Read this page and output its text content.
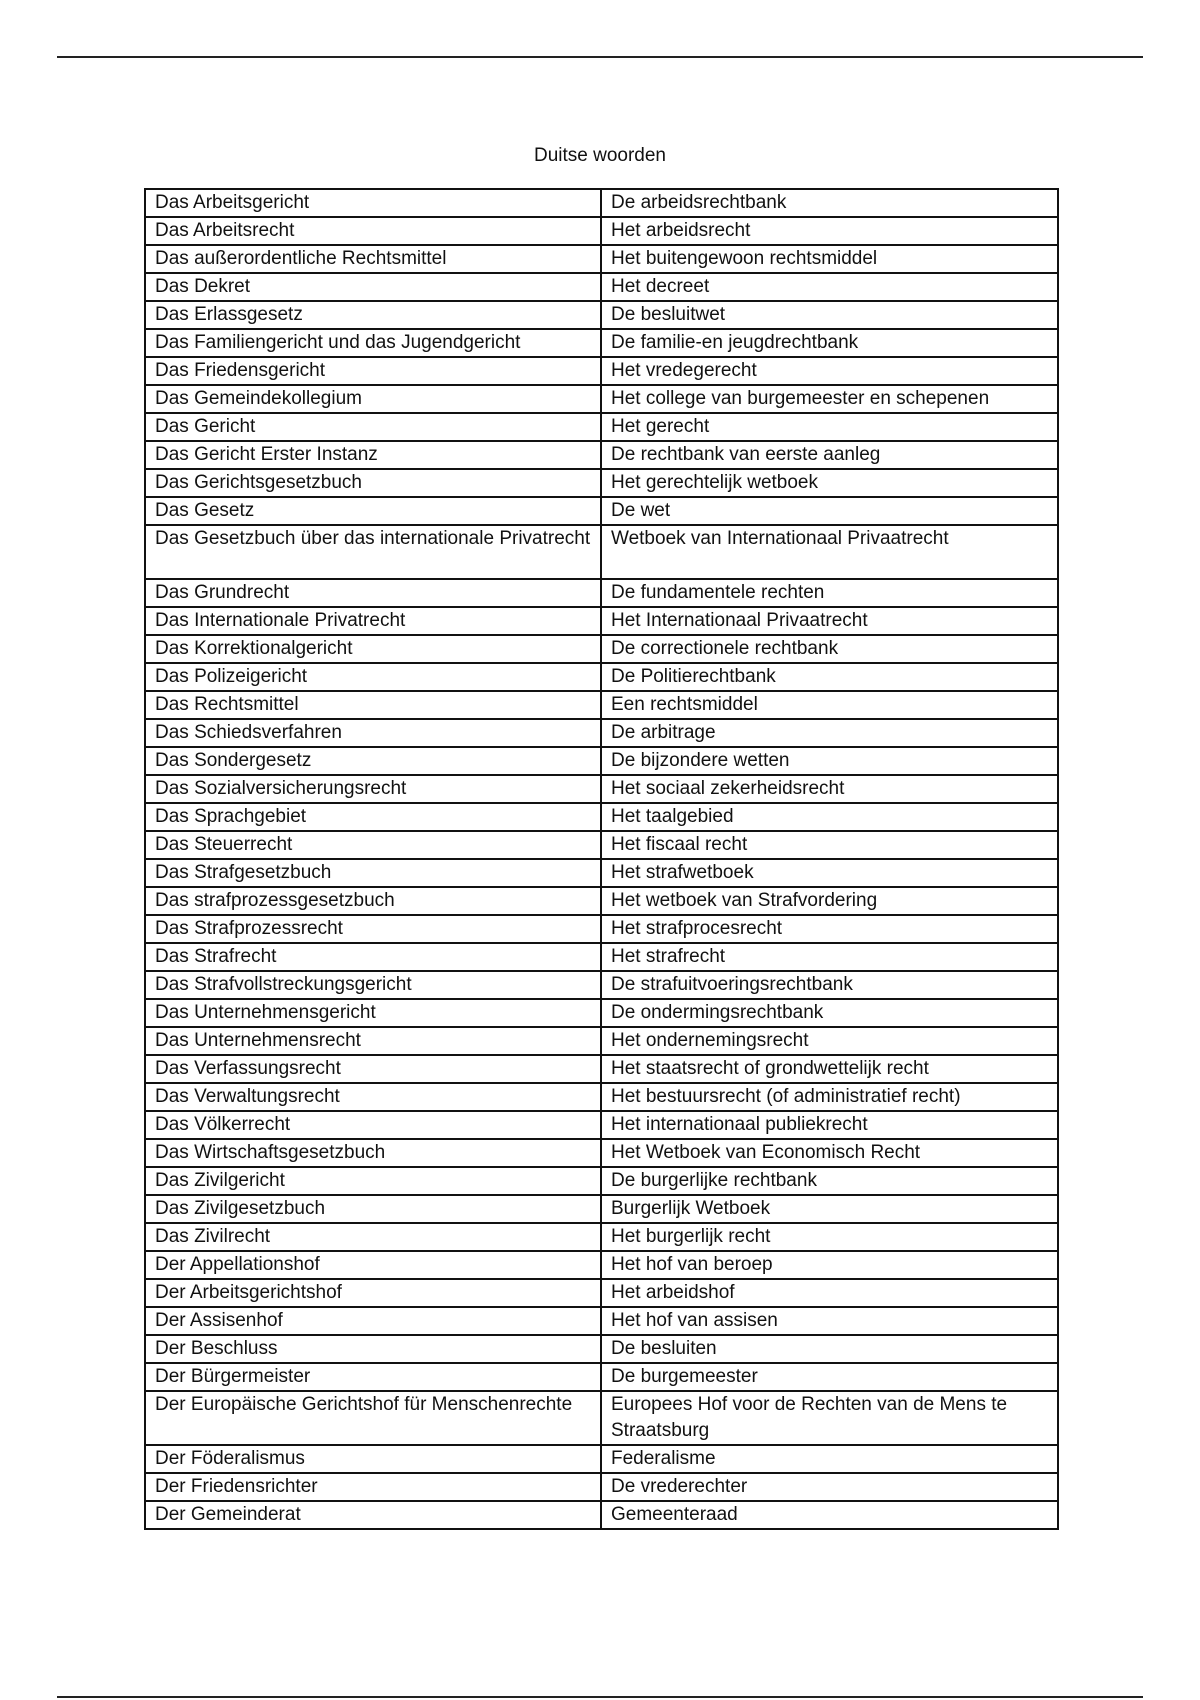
Duitse woorden
Das Arbeitsgericht	De arbeidsrechtbank
Das Arbeitsrecht	Het arbeidsrecht
Das außerordentliche Rechtsmittel	Het buitengewoon rechtsmiddel
Das Dekret	Het decreet
Das Erlassgesetz	De besluitwet
Das Familiengericht und das Jugendgericht	De familie-en jeugdrechtbank
Das Friedensgericht	Het vredegerecht
Das Gemeindekollegium	Het college van burgemeester en schepenen
Das Gericht	Het gerecht
Das Gericht Erster Instanz	De rechtbank van eerste aanleg
Das Gerichtsgesetzbuch	Het gerechtelijk wetboek
Das Gesetz	De wet
Das Gesetzbuch über das internationale Privatrecht	Wetboek van Internationaal Privaatrecht
Das Grundrecht	De fundamentele rechten
Das Internationale Privatrecht	Het Internationaal Privaatrecht
Das Korrektionalgericht	De correctionele rechtbank
Das Polizeigericht	De Politierechtbank
Das Rechtsmittel	Een rechtsmiddel
Das Schiedsverfahren	De arbitrage
Das Sondergesetz	De bijzondere wetten
Das Sozialversicherungsrecht	Het sociaal zekerheidsrecht
Das Sprachgebiet	Het taalgebied
Das Steuerrecht	Het fiscaal recht
Das Strafgesetzbuch	Het strafwetboek
Das strafprozessgesetzbuch	Het wetboek van Strafvordering
Das Strafprozessrecht	Het strafprocesrecht
Das Strafrecht	Het strafrecht
Das Strafvollstreckungsgericht	De strafuitvoeringsrechtbank
Das Unternehmensgericht	De ondermingsrechtbank
Das Unternehmensrecht	Het ondernemingsrecht
Das Verfassungsrecht	Het staatsrecht of grondwettelijk recht
Das Verwaltungsrecht	Het bestuursrecht (of administratief recht)
Das Völkerrecht	Het internationaal publiekrecht
Das Wirtschaftsgesetzbuch	Het Wetboek van Economisch Recht
Das Zivilgericht	De burgerlijke rechtbank
Das Zivilgesetzbuch	Burgerlijk Wetboek
Das Zivilrecht	Het burgerlijk recht
Der Appellationshof	Het hof van beroep
Der Arbeitsgerichtshof	Het arbeidshof
Der Assisenhof	Het hof van assisen
Der Beschluss	De besluiten
Der Bürgermeister	De burgemeester
Der Europäische Gerichtshof für Menschenrechte	Europees Hof voor de Rechten van de Mens te Straatsburg
Der Föderalismus	Federalisme
Der Friedensrichter	De vrederechter
Der Gemeinderat	Gemeenteraad
